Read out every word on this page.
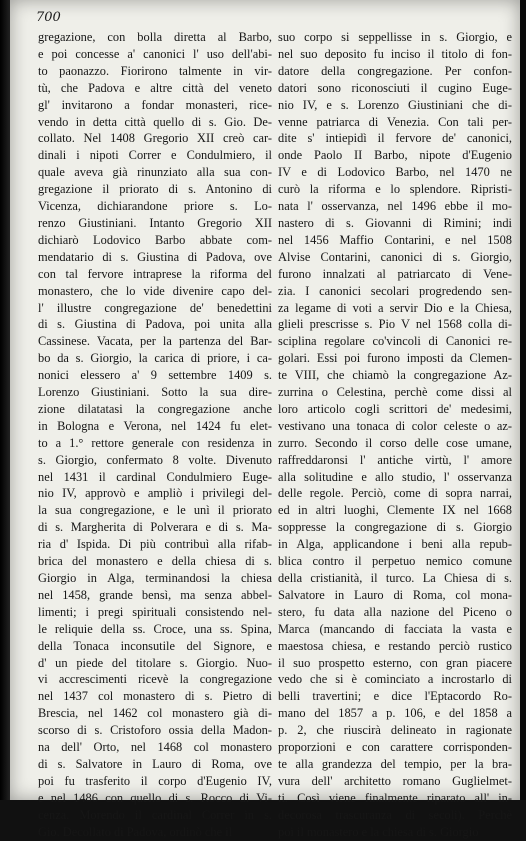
700
gregazione, con bolla diretta al Barbo,
e poi concesse a' canonici l' uso dell'abi-
to paonazzo. Fiorirono talmente in vir-
tù, che Padova e altre città del veneto
gl' invitarono a fondar monasteri, rice-
vendo in detta città quello di s. Gio. De-
collato. Nel 1408 Gregorio XII creò car-
dinali i nipoti Correr e Condulmiero, il
quale aveva già rinunziato alla sua con-
gregazione il priorato di s. Antonino di
Vicenza, dichiarandone priore s. Lo-
renzo Giustiniani. Intanto Gregorio XII
dichiarò Lodovico Barbo abbate com-
mendatario di s. Giustina di Padova, ove
con tal fervore intraprese la riforma del
monastero, che lo vide divenire capo del-
l' illustre congregazione de' benedettini
di s. Giustina di Padova, poi unita alla
Cassinese. Vacata, per la partenza del Bar-
bo da s. Giorgio, la carica di priore, i ca-
nonici elessero a' 9 settembre 1409 s.
Lorenzo Giustiniani. Sotto la sua dire-
zione dilatatasi la congregazione anche
in Bologna e Verona, nel 1424 fu elet-
to a 1.° rettore generale con residenza in
s. Giorgio, confermato 8 volte. Divenuto
nel 1431 il cardinal Condulmiero Euge-
nio IV, approvò e ampliò i privilegi del-
la sua congregazione, e le unì il priorato
di s. Margherita di Polverara e di s. Ma-
ria d' Ispida. Di più contribuì alla rifab-
brica del monastero e della chiesa di s.
Giorgio in Alga, terminandosi la chiesa
nel 1458, grande bensì, ma senza abbel-
limenti; i pregi spirituali consistendo nel-
le reliquie della ss. Croce, una ss. Spina,
della Tonaca inconsutile del Signore, e
d' un piede del titolare s. Giorgio. Nuo-
vi accrescimenti ricevè la congregazione
nel 1437 col monastero di s. Pietro di
Brescia, nel 1462 col monastero già di-
scorso di s. Cristoforo ossia della Madon-
na dell' Orto, nel 1468 col monastero
di s. Salvatore in Lauro di Roma, ove
poi fu trasferito il corpo d'Eugenio IV,
e nel 1486 con quello di s. Rocco di Vi-
cenza. Morendo il cardinal Correr in s.
Gio. Decollato di Padova, ordinò che il
suo corpo si seppellisse in s. Giorgio, e
nel suo deposito fu inciso il titolo di fon-
datore della congregazione. Per confon-
datori sono riconosciuti il cugino Euge-
nio IV, e s. Lorenzo Giustiniani che di-
venne patriarca di Venezia. Con tali per-
dite s' intiepidì il fervore de' canonici,
onde Paolo II Barbo, nipote d'Eugenio
IV e di Lodovico Barbo, nel 1470 ne
curò la riforma e lo splendore. Ripristi-
nata l' osservanza, nel 1496 ebbe il mo-
nastero di s. Giovanni di Rimini; indi
nel 1456 Maffio Contarini, e nel 1508
Alvise Contarini, canonici di s. Giorgio,
furono innalzati al patriarcato di Vene-
zia. I canonici secolari progredendo sen-
za legame di voti a servir Dio e la Chiesa,
glieli prescrisse s. Pio V nel 1568 colla di-
sciplina regolare co'vincoli di Canonici re-
golari. Essi poi furono imposti da Clemen-
te VIII, che chiamò la congregazione Az-
zurrina o Celestina, perchè come dissi al
loro articolo cogli scrittori de' medesimi,
vestivano una tonaca di color celeste o az-
zurro. Secondo il corso delle cose umane,
raffreddaronsi l' antiche virtù, l' amore
alla solitudine e allo studio, l' osservanza
delle regole. Perciò, come di sopra narrai,
ed in altri luoghi, Clemente IX nel 1668
soppresse la congregazione di s. Giorgio
in Alga, applicandone i beni alla repub-
blica contro il perpetuo nemico comune
della cristianità, il turco. La Chiesa di s.
Salvatore in Lauro di Roma, col mona-
stero, fu data alla nazione del Piceno o
Marca (mancando di facciata la vasta e
maestosa chiesa, e restando perciò rustico
il suo prospetto esterno, con gran piacere
vedo che si è cominciato a incrostarlo di
belli travertini; e dice l'Eptacordo Ro-
mano del 1857 a p. 106, e del 1858 a
p. 2, che riuscirà delineato in ragionate
proporzioni e con carattere corrisponden-
te alla grandezza del tempio, per la bra-
vura dell' architetto romano Guglielmet-
ti. Così viene finalmente riparato all' in-
decorosa trascuranza di secoli). Perchè
poi il monastero e la chiesa di s. Giorgio
